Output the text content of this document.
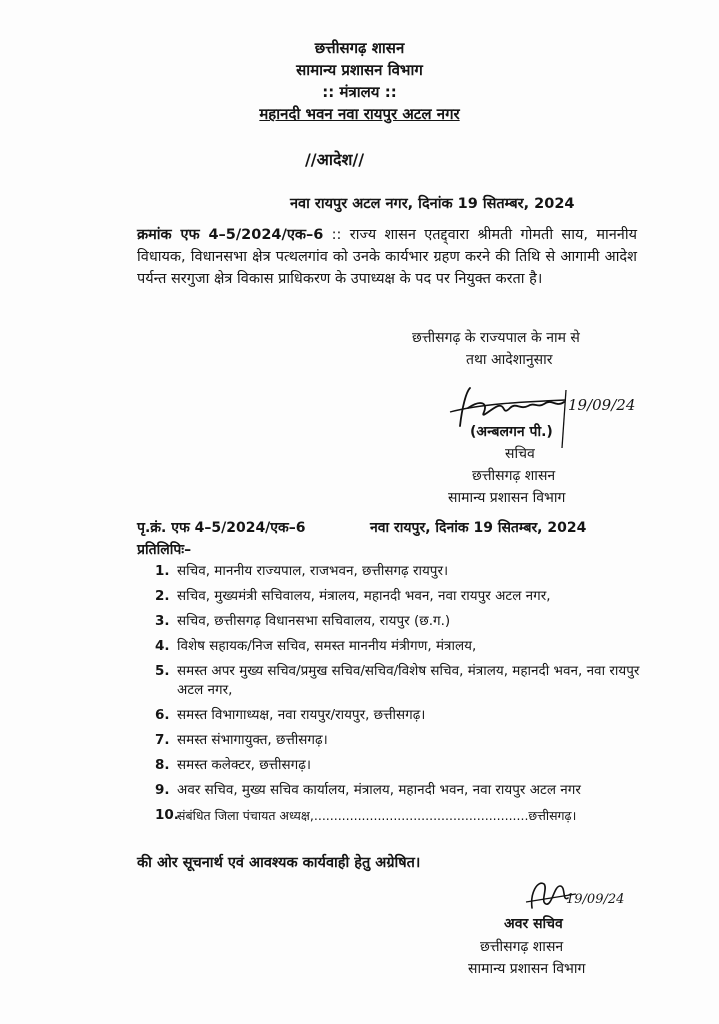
छत्तीसगढ़ शासन
सामान्य प्रशासन विभाग
:: मंत्रालय ::
महानदी भवन नवा रायपुर अटल नगर
//आदेश//
नवा रायपुर अटल नगर, दिनांक 19 सितम्बर, 2024
क्रमांक एफ 4–5/2024/एक–6 :: राज्य शासन एतद्द्वारा श्रीमती गोमती साय, माननीय विधायक, विधानसभा क्षेत्र पत्थलगांव को उनके कार्यभार ग्रहण करने की तिथि से आगामी आदेश पर्यन्त सरगुजा क्षेत्र विकास प्राधिकरण के उपाध्यक्ष के पद पर नियुक्त करता है।
छत्तीसगढ़ के राज्यपाल के नाम से
तथा आदेशानुसार
19/09/24
(अन्बलगन पी.)
सचिव
छत्तीसगढ़ शासन
सामान्य प्रशासन विभाग
पृ.क्रं. एफ 4–5/2024/एक–6	नवा रायपुर, दिनांक 19 सितम्बर, 2024
प्रतिलिपिः–
1. सचिव, माननीय राज्यपाल, राजभवन, छत्तीसगढ़ रायपुर।
2. सचिव, मुख्यमंत्री सचिवालय, मंत्रालय, महानदी भवन, नवा रायपुर अटल नगर,
3. सचिव, छत्तीसगढ़ विधानसभा सचिवालय, रायपुर (छ.ग.)
4. विशेष सहायक/निज सचिव, समस्त माननीय मंत्रीगण, मंत्रालय,
5. समस्त अपर मुख्य सचिव/प्रमुख सचिव/सचिव/विशेष सचिव, मंत्रालय, महानदी भवन, नवा रायपुर अटल नगर,
6. समस्त विभागाध्यक्ष, नवा रायपुर/रायपुर, छत्तीसगढ़।
7. समस्त संभागायुक्त, छत्तीसगढ़।
8. समस्त कलेक्टर, छत्तीसगढ़।
9. अवर सचिव, मुख्य सचिव कार्यालय, मंत्रालय, महानदी भवन, नवा रायपुर अटल नगर
10.
संबंधित जिला पंचायत अध्यक्ष,......................................................छत्तीसगढ़।
की ओर सूचनार्थ एवं आवश्यक कार्यवाही हेतु अग्रेषित।
19/09/24
अवर सचिव
छत्तीसगढ़ शासन
सामान्य प्रशासन विभाग
